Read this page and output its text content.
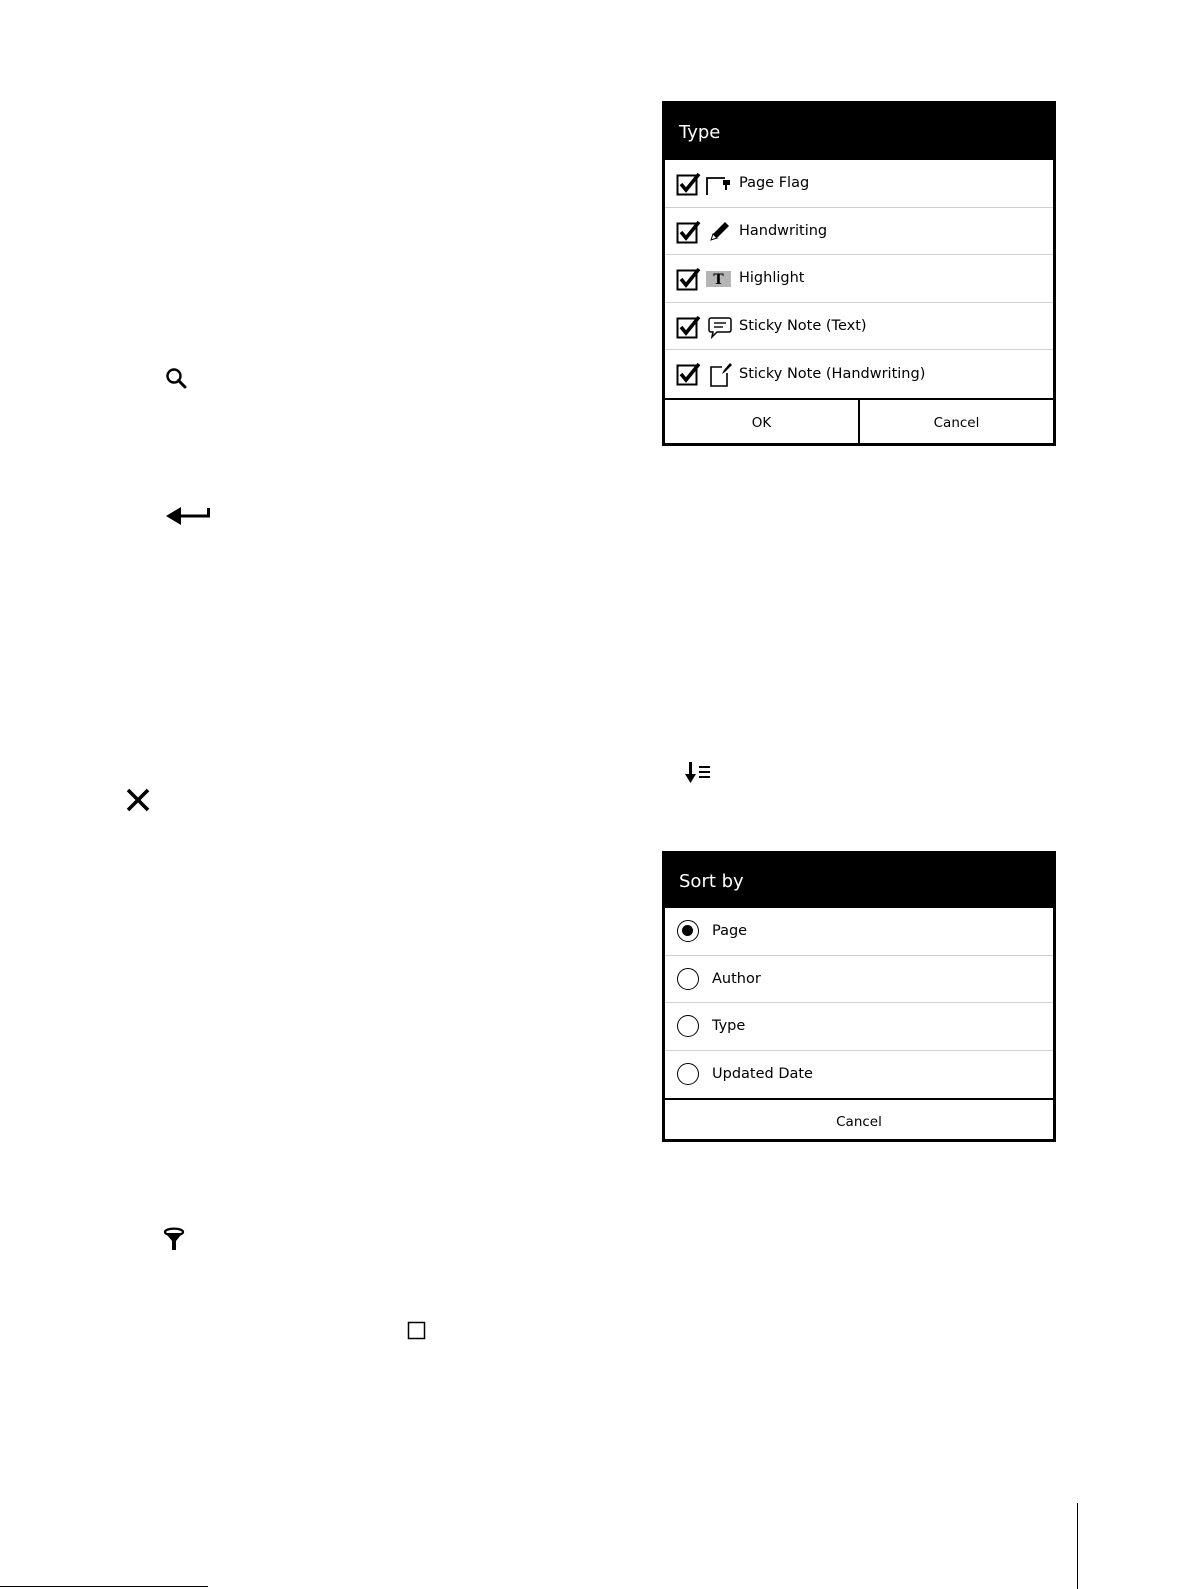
Type
Page Flag
Handwriting
T Highlight
Sticky Note (Text)
Sticky Note (Handwriting)
OK	Cancel
Sort by
Page
Author
Type
Updated Date
Cancel
